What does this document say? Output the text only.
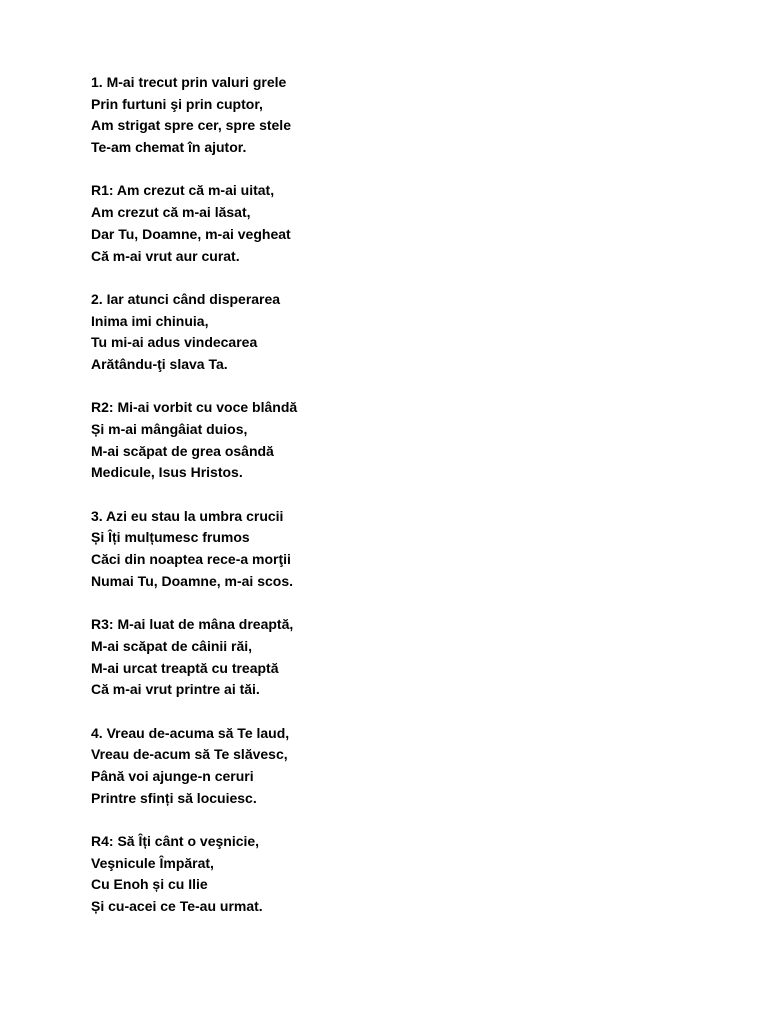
1. M-ai trecut prin valuri grele

Prin furtuni şi prin cuptor,

Am strigat spre cer, spre stele

Te-am chemat în ajutor.

R1: Am crezut că m-ai uitat,

Am crezut că m-ai lăsat,

Dar Tu, Doamne, m-ai vegheat

Că m-ai vrut aur curat.

2. Iar atunci când disperarea

Inima imi chinuia,

Tu mi-ai adus vindecarea

Arătându-ţi slava Ta.

R2: Mi-ai vorbit cu voce blândă

Și m-ai mângâiat duios,

M-ai scăpat de grea osândă

Medicule, Isus Hristos.

3. Azi eu stau la umbra crucii

Și Îți mulțumesc frumos

Căci din noaptea rece-a morţii

Numai Tu, Doamne, m-ai scos.

R3: M-ai luat de mâna dreaptă,

M-ai scăpat de câinii răi,

M-ai urcat treaptă cu treaptă

Că m-ai vrut printre ai tăi.

4. Vreau de-acuma să Te laud,

Vreau de-acum să Te slăvesc,

Până voi ajunge-n ceruri

Printre sfinți să locuiesc.

R4: Să Îți cânt o veşnicie,

Veşnicule Împărat,

Cu Enoh și cu Ilie

Și cu-acei ce Te-au urmat.
